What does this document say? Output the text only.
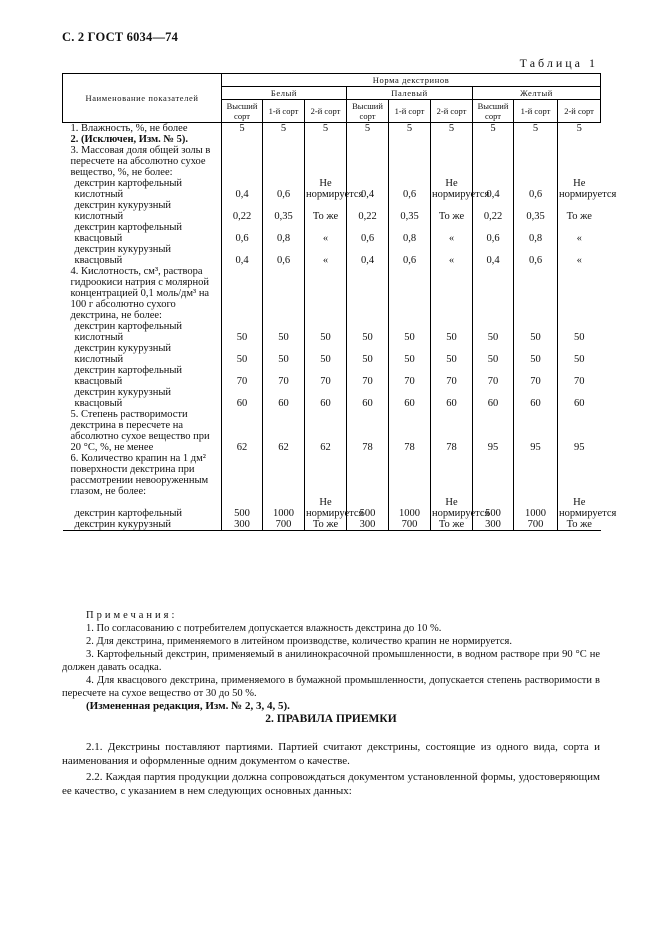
С. 2 ГОСТ 6034—74
Таблица 1
Наименование показателей	Норма декстринов								
	Белый			Палевый			Желтый		
	Высший сорт	1-й сорт	2-й сорт	Высший сорт	1-й сорт	2-й сорт	Высший сорт	1-й сорт	2-й сорт
1. Влажность, %, не более	5	5	5	5	5	5	5	5	5
2. (Исключен, Изм. № 5).									
3. Массовая доля общей золы в пересчете на абсолютно сухое вещество, %, не более:									
декстрин картофельный кислотный	0,4	0,6	Не нормируется	0,4	0,6	Не нормируется	0,4	0,6	Не нормируется
декстрин кукурузный кислотный	0,22	0,35	То же	0,22	0,35	То же	0,22	0,35	То же
декстрин картофельный квасцовый	0,6	0,8	«	0,6	0,8	«	0,6	0,8	«
декстрин кукурузный квасцовый	0,4	0,6	«	0,4	0,6	«	0,4	0,6	«
4. Кислотность, см³, раствора гидроокиси натрия с молярной концентрацией 0,1 моль/дм³ на 100 г абсолютно сухого декстрина, не более:									
декстрин картофельный кислотный	50	50	50	50	50	50	50	50	50
декстрин кукурузный кислотный	50	50	50	50	50	50	50	50	50
декстрин картофельный квасцовый	70	70	70	70	70	70	70	70	70
декстрин кукурузный квасцовый	60	60	60	60	60	60	60	60	60
5. Степень растворимости декстрина в пересчете на абсолютно сухое вещество при 20 °С, %, не менее	62	62	62	78	78	78	95	95	95
6. Количество крапин на 1 дм² поверхности декстрина при рассмотрении невооруженным глазом, не более:									
декстрин картофельный	500	1000	Не нормируется	500	1000	Не нормируется	500	1000	Не нормируется
декстрин кукурузный	300	700	То же	300	700	То же	300	700	То же

Примечания:

1. По согласованию с потребителем допускается влажность декстрина до 10 %.

2. Для декстрина, применяемого в литейном производстве, количество крапин не нормируется.

3. Картофельный декстрин, применяемый в анилинокрасочной промышленности, в водном растворе при 90 °С не должен давать осадка.

4. Для квасцового декстрина, применяемого в бумажной промышленности, допускается степень растворимости в пересчете на сухое вещество от 30 до 50 %.

(Измененная редакция, Изм. № 2, 3, 4, 5).

2. ПРАВИЛА ПРИЕМКИ

2.1. Декстрины поставляют партиями. Партией считают декстрины, состоящие из одного вида, сорта и наименования и оформленные одним документом о качестве.

2.2. Каждая партия продукции должна сопровождаться документом установленной формы, удостоверяющим ее качество, с указанием в нем следующих основных данных:
